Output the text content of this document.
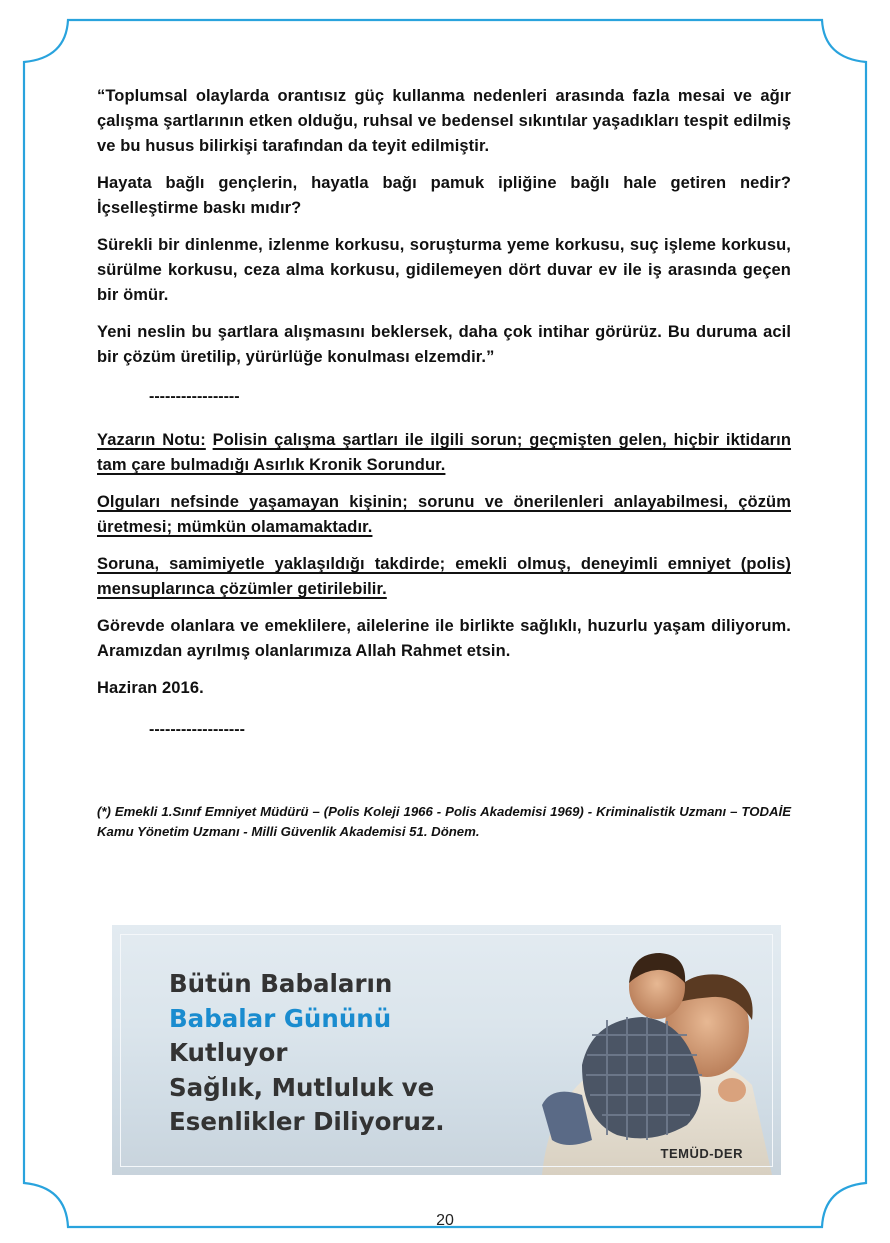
“Toplumsal olaylarda orantısız güç kullanma nedenleri arasında fazla mesai ve ağır çalışma şartlarının etken olduğu, ruhsal ve bedensel sıkıntılar yaşadıkları tespit edilmiş ve bu husus bilirkişi tarafından da teyit edilmiştir.

Hayata bağlı gençlerin, hayatla bağı pamuk ipliğine bağlı hale getiren nedir? İçselleştirme baskı mıdır?

Sürekli bir dinlenme, izlenme korkusu, soruşturma yeme korkusu, suç işleme korkusu, sürülme korkusu, ceza alma korkusu, gidilemeyen dört duvar ev ile iş arasında geçen bir ömür.

Yeni neslin bu şartlara alışmasını beklersek, daha çok intihar görürüz. Bu duruma acil bir çözüm üretilip, yürürlüğe konulması elzemdir.”

-----------------

Yazarın Notu: Polisin çalışma şartları ile ilgili sorun; geçmişten gelen, hiçbir iktidarın tam çare bulmadığı Asırlık Kronik Sorundur.

Olguları nefsinde yaşamayan kişinin; sorunu ve önerilenleri anlayabilmesi, çözüm üretmesi; mümkün olamamaktadır.

Soruna, samimiyetle yaklaşıldığı takdirde; emekli olmuş, deneyimli emniyet (polis) mensuplarınca çözümler getirilebilir.

Görevde olanlara ve emeklilere, ailelerine ile birlikte sağlıklı, huzurlu yaşam diliyorum. Aramızdan ayrılmış olanlarımıza Allah Rahmet etsin.

Haziran 2016.

------------------
(*) Emekli 1.Sınıf Emniyet Müdürü – (Polis Koleji 1966 - Polis Akademisi 1969) - Kriminalistik Uzmanı – TODAİE Kamu Yönetim Uzmanı - Milli Güvenlik Akademisi 51. Dönem.
Bütün Babaların
Babalar Gününü
Kutluyor
Sağlık, Mutluluk ve
Esenlikler Diliyoruz.
TEMÜD-DER
20
